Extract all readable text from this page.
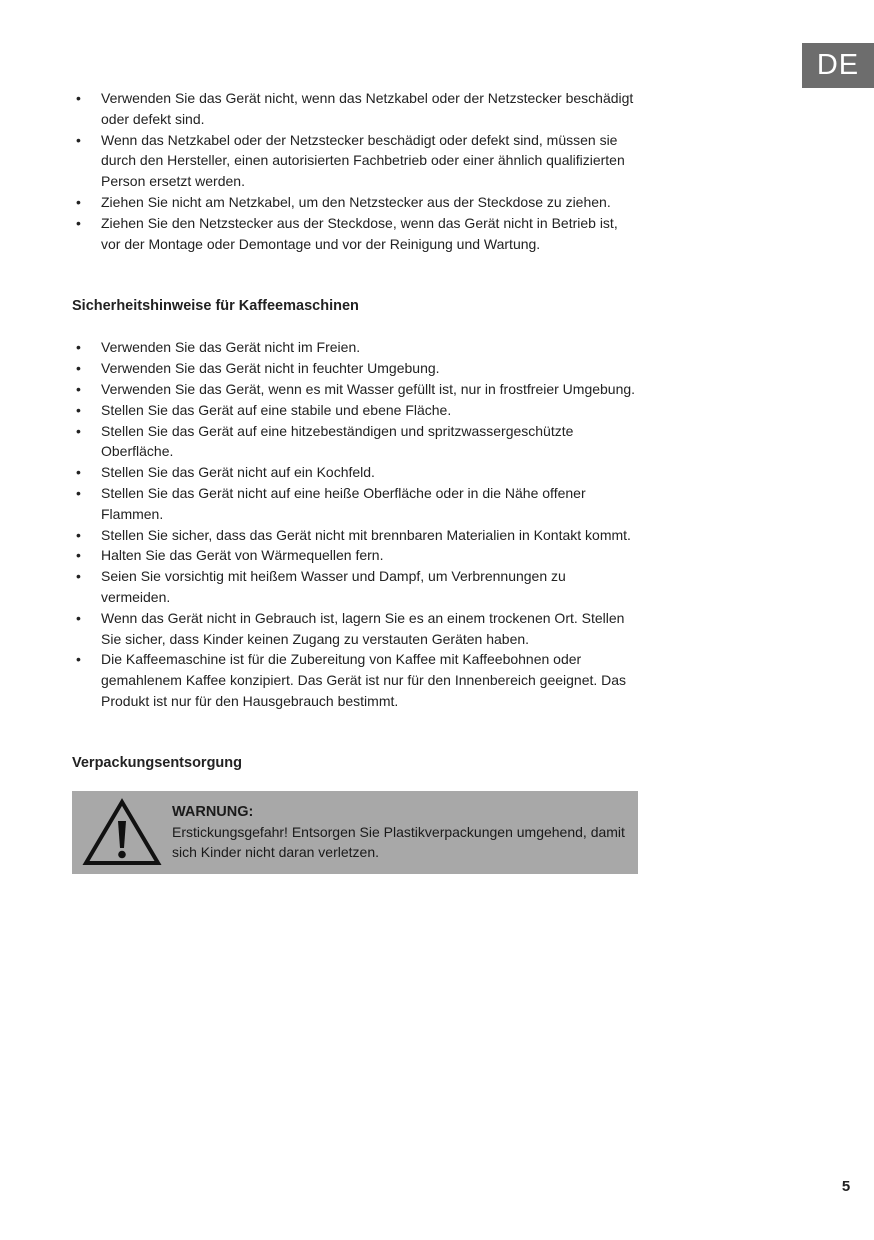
DE
• Verwenden Sie das Gerät nicht, wenn das Netzkabel oder der Netzstecker beschädigt oder defekt sind.
• Wenn das Netzkabel oder der Netzstecker beschädigt oder defekt sind, müssen sie durch den Hersteller, einen autorisierten Fachbetrieb oder einer ähnlich qualifizierten Person ersetzt werden.
• Ziehen Sie nicht am Netzkabel, um den Netzstecker aus der Steckdose zu ziehen.
• Ziehen Sie den Netzstecker aus der Steckdose, wenn das Gerät nicht in Betrieb ist, vor der Montage oder Demontage und vor der Reinigung und Wartung.
Sicherheitshinweise für Kaffeemaschinen
• Verwenden Sie das Gerät nicht im Freien.
• Verwenden Sie das Gerät nicht in feuchter Umgebung.
• Verwenden Sie das Gerät, wenn es mit Wasser gefüllt ist, nur in frostfreier Umgebung.
• Stellen Sie das Gerät auf eine stabile und ebene Fläche.
• Stellen Sie das Gerät auf eine hitzebeständigen und spritzwassergeschützte Oberfläche.
• Stellen Sie das Gerät nicht auf ein Kochfeld.
• Stellen Sie das Gerät nicht auf eine heiße Oberfläche oder in die Nähe offener Flammen.
• Stellen Sie sicher, dass das Gerät nicht mit brennbaren Materialien in Kontakt kommt.
• Halten Sie das Gerät von Wärmequellen fern.
• Seien Sie vorsichtig mit heißem Wasser und Dampf, um Verbrennungen zu vermeiden.
• Wenn das Gerät nicht in Gebrauch ist, lagern Sie es an einem trockenen Ort. Stellen Sie sicher, dass Kinder keinen Zugang zu verstauten Geräten haben.
• Die Kaffeemaschine ist für die Zubereitung von Kaffee mit Kaffeebohnen oder gemahlenem Kaffee konzipiert. Das Gerät ist nur für den Innenbereich geeignet. Das Produkt ist nur für den Hausgebrauch bestimmt.
Verpackungsentsorgung
WARNUNG:
Erstickungsgefahr! Entsorgen Sie Plastikverpackungen umgehend, damit sich Kinder nicht daran verletzen.
5
